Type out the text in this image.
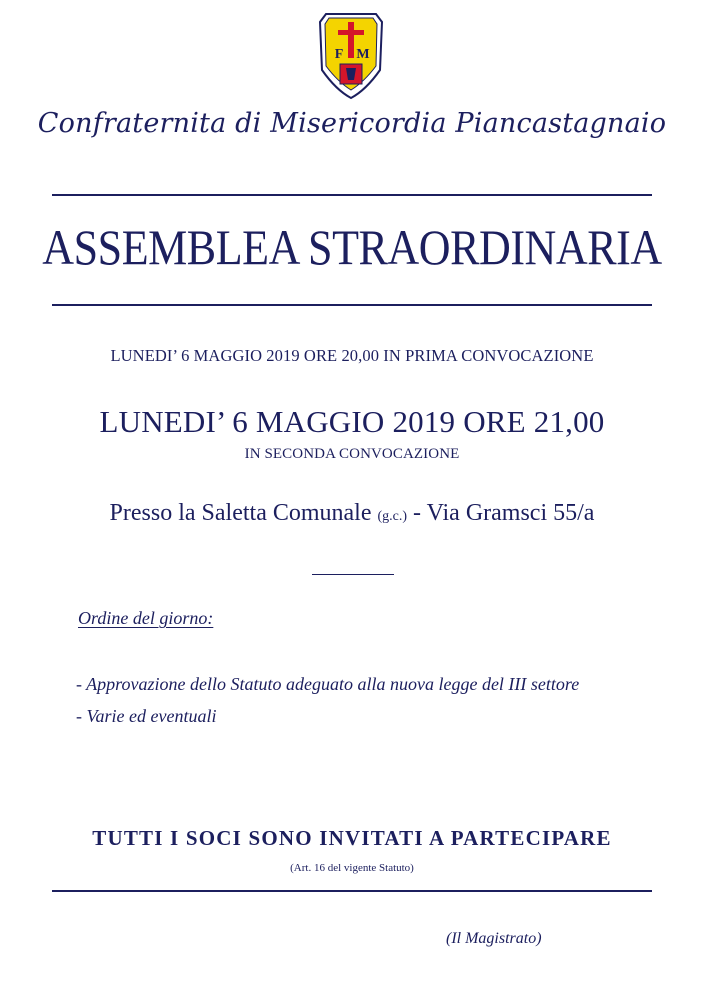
F M
Confraternita di Misericordia Piancastagnaio
ASSEMBLEA STRAORDINARIA
LUNEDI’ 6 MAGGIO 2019 ORE 20,00 IN PRIMA CONVOCAZIONE
LUNEDI’ 6 MAGGIO 2019 ORE 21,00
IN SECONDA CONVOCAZIONE
Presso la Saletta Comunale (g.c.) - Via Gramsci 55/a
Ordine del giorno:
- Approvazione dello Statuto adeguato alla nuova legge del III settore
- Varie ed eventuali
TUTTI I SOCI SONO INVITATI A PARTECIPARE
(Art. 16 del vigente Statuto)
(Il Magistrato)
